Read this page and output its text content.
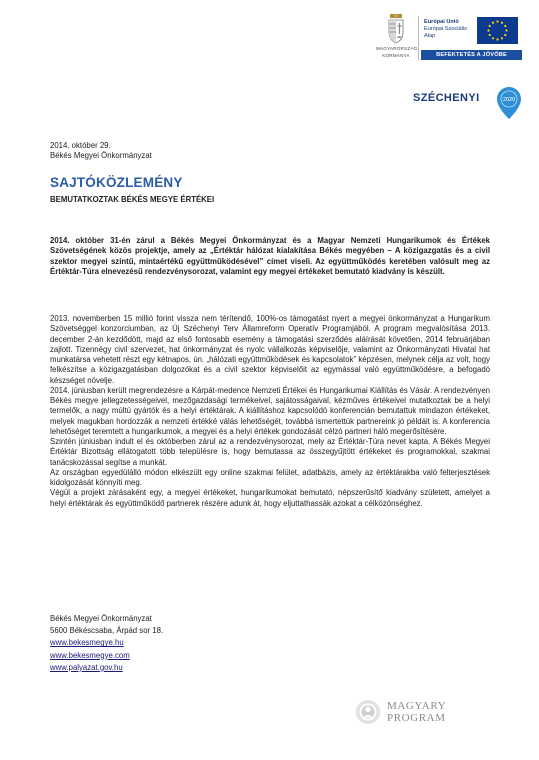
MAGYARORSZÁG
KORMÁNYA
Európai Unió
Európai Szociális
Alap
BEFEKTETÉS A JÖVŐBE
SZÉCHENYI	2020
2014. október 29.
Békés Megyei Önkormányzat
SAJTÓKÖZLEMÉNY
BEMUTATKOZTAK BÉKÉS MEGYE ÉRTÉKEI

2014. október 31-én zárul a Békés Megyei Önkormányzat és a Magyar Nemzeti Hungarikumok és Értékek Szövetségének közös projektje, amely az „Értéktár hálózat kialakítása Békés megyében – A közigazgatás és a civil szektor megyei szintű, mintaértékű együttműködésével” címet viseli. Az együttműködés keretében valósult meg az Értéktár-Túra elnevezésű rendezvénysorozat, valamint egy megyei értékeket bemutató kiadvány is készült.

2013. novemberben 15 millió forint vissza nem térítendő, 100%-os támogatást nyert a megyei önkormányzat a Hungarikum Szövetséggel konzorciumban, az Új Széchenyi Terv Államreform Operatív Programjából. A program megvalósítása 2013. december 2-án kezdődött, majd az első fontosabb esemény a támogatási szerződés aláírását követően, 2014 februárjában zajlott. Tizennégy civil szervezet, hat önkormányzat és nyolc vállalkozás képviselője, valamint az Önkormányzati Hivatal hat munkatársa vehetett részt egy kétnapos, ún. „hálózati együttműködések és kapcsolatok” képzésen, melynek célja az volt, hogy felkészítse a közigazgatásban dolgozókat és a civil szektor képviselőit az egymással való együttműködésre, a befogadó készséget növelje.

2014. júniusban került megrendezésre a Kárpát-medence Nemzeti Értékei és Hungarikumai Kiállítás és Vásár. A rendezvényen Békés megye jellegzetességeivel, mezőgazdasági termékeivel, sajátosságaival, kézműves értékeivel mutatkoztak be a helyi termelők, a nagy múltú gyártók és a helyi értéktárak. A kiállításhoz kapcsolódó konferencián bemutattuk mindazon értékeket, melyek magukban hordozzák a nemzeti értékké válás lehetőségét, továbbá ismertettük partnereink jó példáit is. A konferencia lehetőséget teremtett a hungarikumok, a megyei és a helyi értékek gondozását célzó partneri háló megerősítésére.

Szintén júniusban indult el és októberben zárul az a rendezvénysorozat, mely az Értéktár-Túra nevet kapta. A Békés Megyei Értéktár Bizottság ellátogatott több településre is, hogy bemutassa az összegyűjtött értékeket és programokkal, szakmai tanácskozással segítse a munkát.

Az országban egyedülálló módon elkészült egy online szakmai felület, adatbázis, amely az értéktárakba való felterjesztések kidolgozását könnyíti meg.

Végül a projekt zárásaként egy, a megyei értékeket, hungarikumokat bemutató, népszerűsítő kiadvány született, amelyet a helyi értéktárak és együttműködő partnerek részére adunk át, hogy eljuttathassák azokat a célközönséghez.

Békés Megyei Önkormányzat
5600 Békéscsaba, Árpád sor 18.
www.bekesmegye.hu
www.bekesmegye.com
www.palyazat.gov.hu
MAGYARY
PROGRAM
